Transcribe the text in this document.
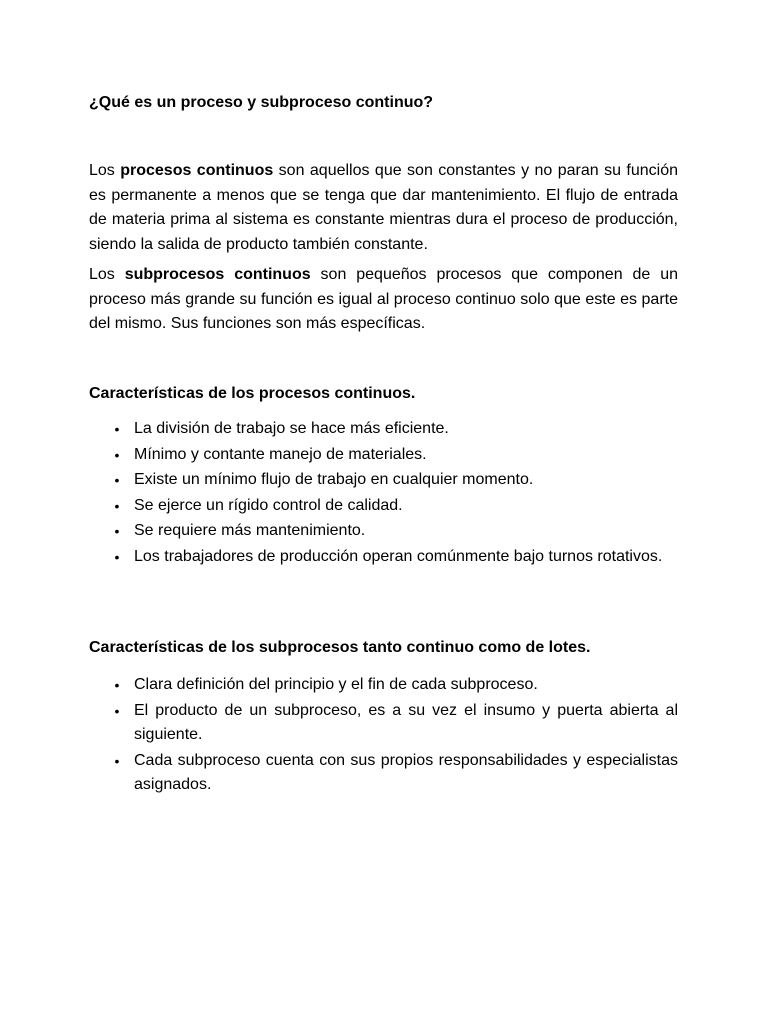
¿Qué es un proceso y subproceso continuo?

Los procesos continuos son aquellos que son constantes y no paran su función es permanente a menos que se tenga que dar mantenimiento. El flujo de entrada de materia prima al sistema es constante mientras dura el proceso de producción, siendo la salida de producto también constante.

Los subprocesos continuos son pequeños procesos que componen de un proceso más grande su función es igual al proceso continuo solo que este es parte del mismo. Sus funciones son más específicas.

Características de los procesos continuos.
• La división de trabajo se hace más eficiente.
• Mínimo y contante manejo de materiales.
• Existe un mínimo flujo de trabajo en cualquier momento.
• Se ejerce un rígido control de calidad.
• Se requiere más mantenimiento.
• Los trabajadores de producción operan comúnmente bajo turnos rotativos.
Características de los subprocesos tanto continuo como de lotes.
• Clara definición del principio y el fin de cada subproceso.
• El producto de un subproceso, es a su vez el insumo y puerta abierta al siguiente.
• Cada subproceso cuenta con sus propios responsabilidades y especialistas asignados.
